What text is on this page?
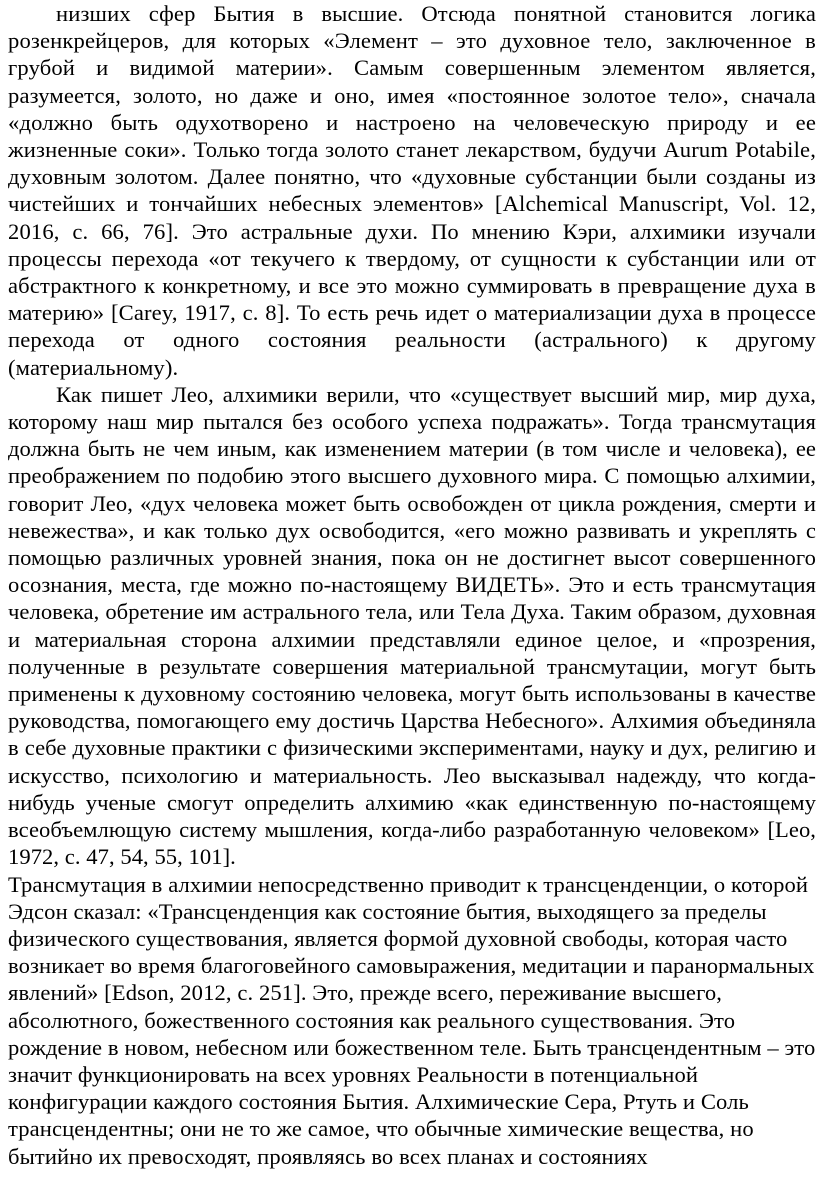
низших сфер Бытия в высшие. Отсюда понятной становится логика розенкрейцеров, для которых «Элемент – это духовное тело, заключенное в грубой и видимой материи». Самым совершенным элементом является, разумеется, золото, но даже и оно, имея «постоянное золотое тело», сначала «должно быть одухотворено и настроено на человеческую природу и ее жизненные соки». Только тогда золото станет лекарством, будучи Aurum Potabile, духовным золотом. Далее понятно, что «духовные субстанции были созданы из чистейших и тончайших небесных элементов» [Alchemical Manuscript, Vol. 12, 2016, с. 66, 76]. Это астральные духи. По мнению Кэри, алхимики изучали процессы перехода «от текучего к твердому, от сущности к субстанции или от абстрактного к конкретному, и все это можно суммировать в превращение духа в материю» [Carey, 1917, с. 8]. То есть речь идет о материализации духа в процессе перехода от одного состояния реальности (астрального) к другому (материальному).

Как пишет Лео, алхимики верили, что «существует высший мир, мир духа, которому наш мир пытался без особого успеха подражать». Тогда трансмутация должна быть не чем иным, как изменением материи (в том числе и человека), ее преображением по подобию этого высшего духовного мира. С помощью алхимии, говорит Лео, «дух человека может быть освобожден от цикла рождения, смерти и невежества», и как только дух освободится, «его можно развивать и укреплять с помощью различных уровней знания, пока он не достигнет высот совершенного осознания, места, где можно по-настоящему ВИДЕТЬ». Это и есть трансмутация человека, обретение им астрального тела, или Тела Духа. Таким образом, духовная и материальная сторона алхимии представляли единое целое, и «прозрения, полученные в результате совершения материальной трансмутации, могут быть применены к духовному состоянию человека, могут быть использованы в качестве руководства, помогающего ему достичь Царства Небесного». Алхимия объединяла в себе духовные практики с физическими экспериментами, науку и дух, религию и искусство, психологию и материальность. Лео высказывал надежду, что когда-нибудь ученые смогут определить алхимию «как единственную по-настоящему всеобъемлющую систему мышления, когда-либо разработанную человеком» [Leo, 1972, с. 47, 54, 55, 101].

Трансмутация в алхимии непосредственно приводит к трансценденции, о которой Эдсон сказал: «Трансценденция как состояние бытия, выходящего за пределы физического существования, является формой духовной свободы, которая часто возникает во время благоговейного самовыражения, медитации и паранормальных явлений» [Edson, 2012, с. 251]. Это, прежде всего, переживание высшего, абсолютного, божественного состояния как реального существования. Это рождение в новом, небесном или божественном теле. Быть трансцендентным – это значит функционировать на всех уровнях Реальности в потенциальной конфигурации каждого состояния Бытия. Алхимические Сера, Ртуть и Соль трансцендентны; они не то же самое, что обычные химические вещества, но бытийно их превосходят, проявляясь во всех планах и состояниях
